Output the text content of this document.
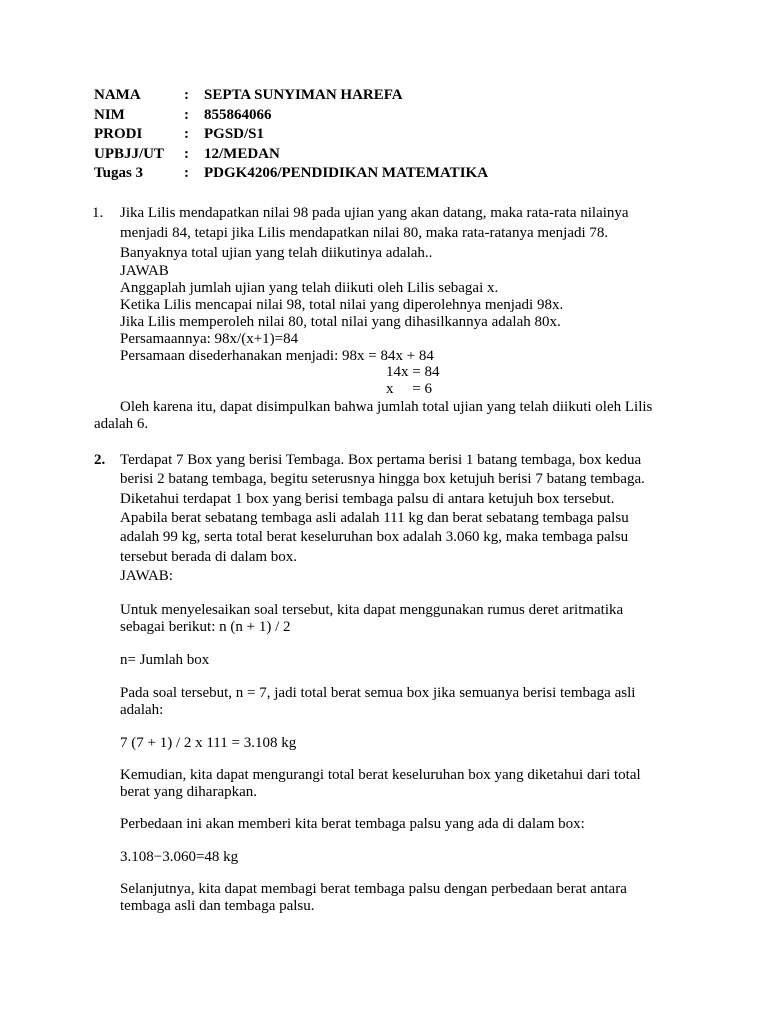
NAMA	:	SEPTA SUNYIMAN HAREFA
NIM	:	855864066
PRODI	:	PGSD/S1
UPBJJ/UT	:	12/MEDAN
Tugas 3	:	PDGK4206/PENDIDIKAN MATEMATIKA
1. Jika Lilis mendapatkan nilai 98 pada ujian yang akan datang, maka rata-rata nilainya
menjadi 84, tetapi jika Lilis mendapatkan nilai 80, maka rata-ratanya menjadi 78.
Banyaknya total ujian yang telah diikutinya adalah..
JAWAB
Anggaplah jumlah ujian yang telah diikuti oleh Lilis sebagai x.
Ketika Lilis mencapai nilai 98, total nilai yang diperolehnya menjadi 98x.
Jika Lilis memperoleh nilai 80, total nilai yang dihasilkannya adalah 80x.
Persamaannya: 98x/(x+1)=84
Persamaan disederhanakan menjadi: 98x = 84x + 84
14x = 84
x     = 6
Oleh karena itu, dapat disimpulkan bahwa jumlah total ujian yang telah diikuti oleh Lilis
adalah 6.
2. Terdapat 7 Box yang berisi Tembaga. Box pertama berisi 1 batang tembaga, box kedua
berisi 2 batang tembaga, begitu seterusnya hingga box ketujuh berisi 7 batang tembaga.
Diketahui terdapat 1 box yang berisi tembaga palsu di antara ketujuh box tersebut.
Apabila berat sebatang tembaga asli adalah 111 kg dan berat sebatang tembaga palsu
adalah 99 kg, serta total berat keseluruhan box adalah 3.060 kg, maka tembaga palsu
tersebut berada di dalam box.
JAWAB:
Untuk menyelesaikan soal tersebut, kita dapat menggunakan rumus deret aritmatika
sebagai berikut: n (n + 1) / 2
n= Jumlah box
Pada soal tersebut, n = 7, jadi total berat semua box jika semuanya berisi tembaga asli
adalah:
7 (7 + 1) / 2 x 111 = 3.108 kg
Kemudian, kita dapat mengurangi total berat keseluruhan box yang diketahui dari total
berat yang diharapkan.
Perbedaan ini akan memberi kita berat tembaga palsu yang ada di dalam box:
3.108−3.060=48 kg
Selanjutnya, kita dapat membagi berat tembaga palsu dengan perbedaan berat antara
tembaga asli dan tembaga palsu.
